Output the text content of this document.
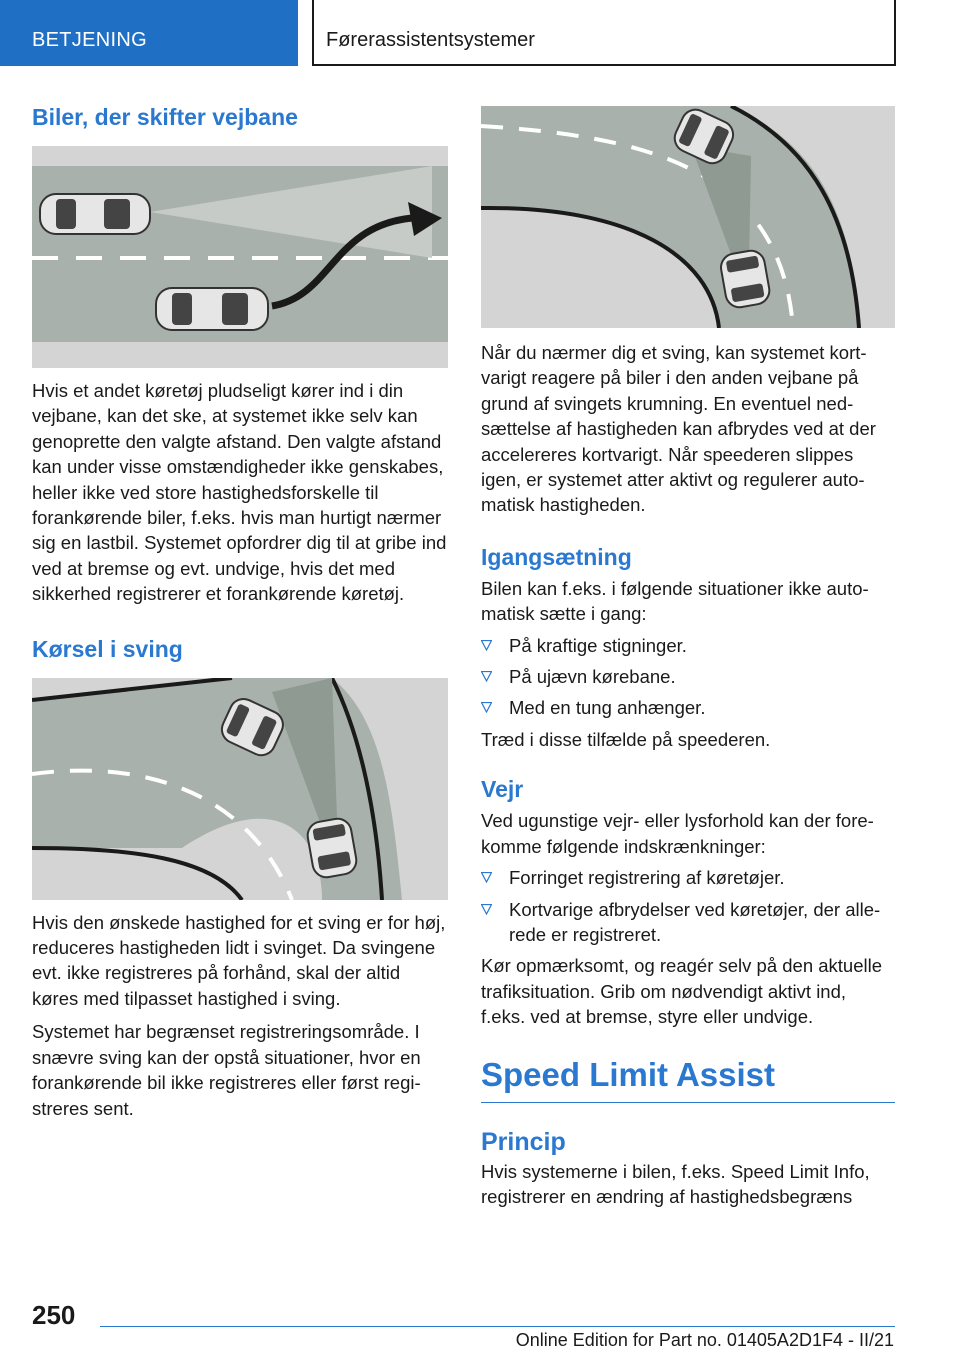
BETJENING	Førerassistentsystemer
Biler, der skifter vejbane

Hvis et andet køretøj pludseligt kører ind i din vejbane, kan det ske, at systemet ikke selv kan genoprette den valgte afstand. Den valgte afstand kan under visse omstændigheder ikke genskabes, heller ikke ved store hastighedsforskelle til forankørende biler, f.eks. hvis man hurtigt nærmer sig en lastbil. Systemet opfordrer dig til at gribe ind ved at bremse og evt. undvige, hvis det med sikkerhed registrerer et forankørende køretøj.

Kørsel i sving

Hvis den ønskede hastighed for et sving er for høj, reduceres hastigheden lidt i svinget. Da svingene evt. ikke registreres på forhånd, skal der altid køres med tilpasset hastighed i sving.

Systemet har begrænset registreringsområde. I snævre sving kan der opstå situationer, hvor en forankørende bil ikke registreres eller først registreres sent.

Når du nærmer dig et sving, kan systemet kortvarigt reagere på biler i den anden vejbane på grund af svingets krumning. En eventuel nedsættelse af hastigheden kan afbrydes ved at der accelereres kortvarigt. Når speederen slippes igen, er systemet atter aktivt og regulerer automatisk hastigheden.

Igangsætning

Bilen kan f.eks. i følgende situationer ikke automatisk sætte i gang:

På kraftige stigninger.
På ujævn kørebane.
Med en tung anhænger.

Træd i disse tilfælde på speederen.

Vejr

Ved ugunstige vejr- eller lysforhold kan der forekomme følgende indskrænkninger:

Forringet registrering af køretøjer.
Kortvarige afbrydelser ved køretøjer, der allerede er registreret.

Kør opmærksomt, og reagér selv på den aktuelle trafiksituation. Grib om nødvendigt aktivt ind, f.eks. ved at bremse, styre eller undvige.

Speed Limit Assist
Princip

Hvis systemerne i bilen, f.eks. Speed Limit Info, registrerer en ændring af hastighedsbegræns

250
Online Edition for Part no. 01405A2D1F4 - II/21
